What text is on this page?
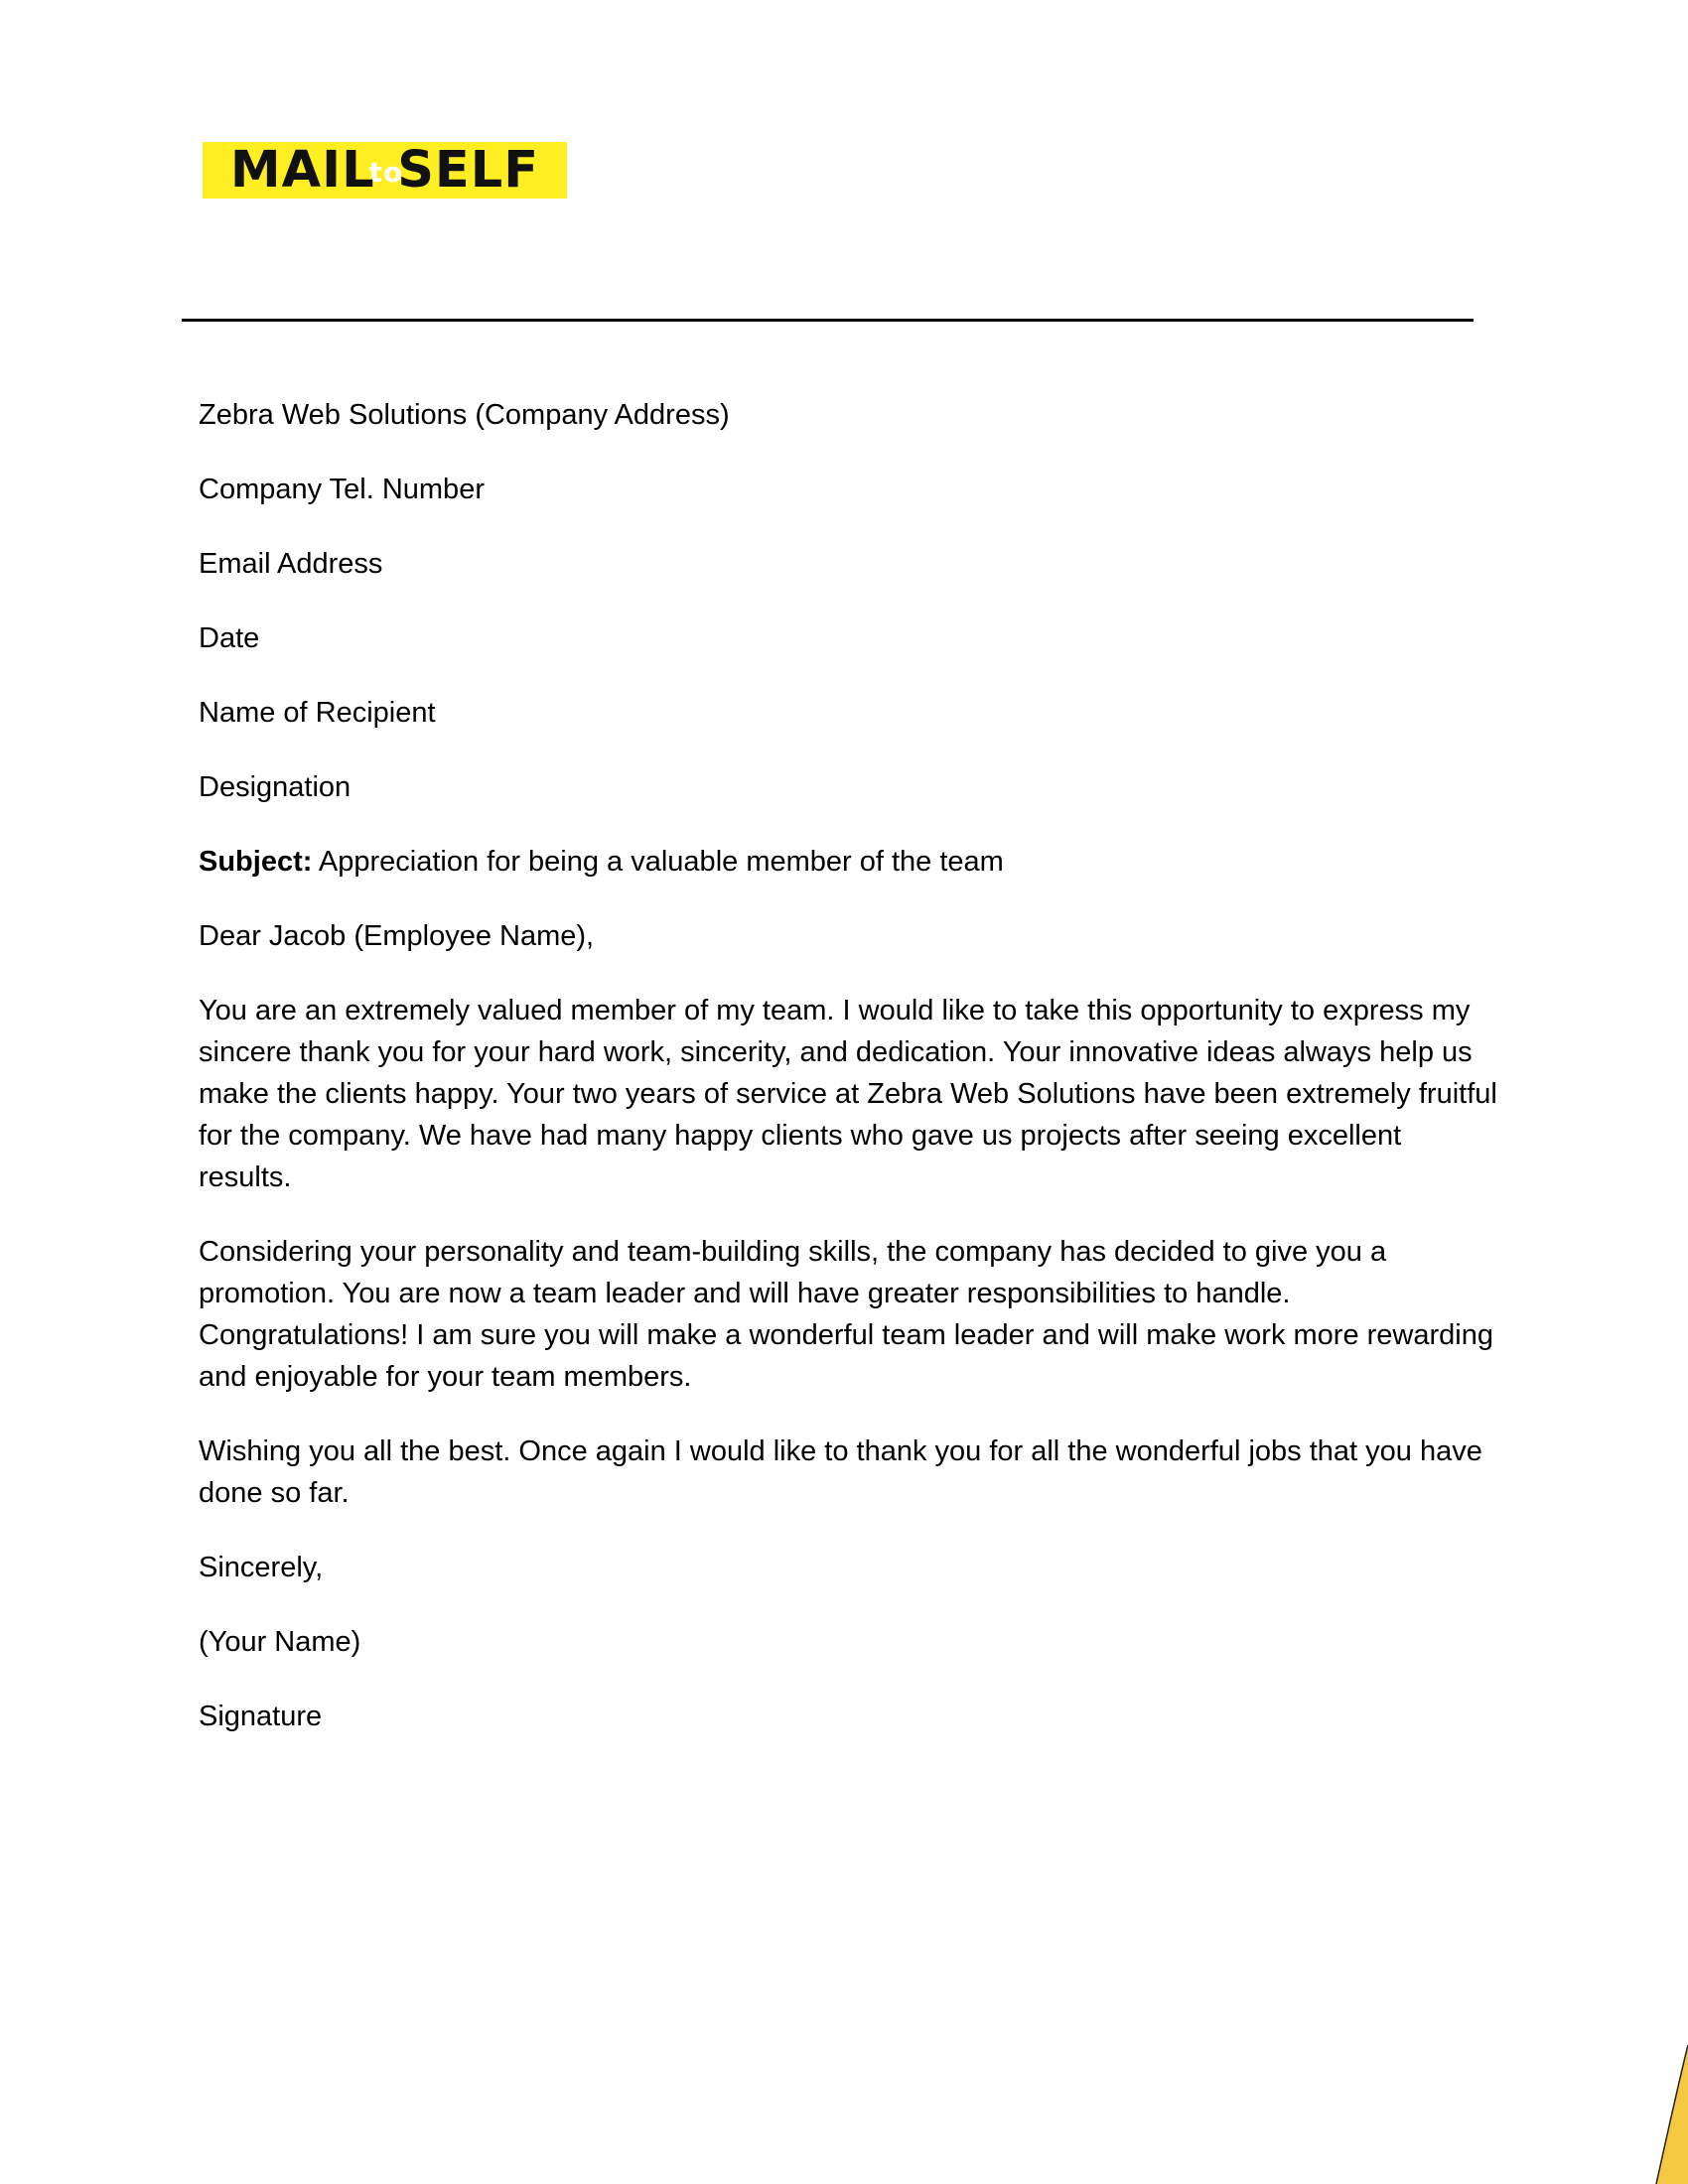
MAIL
to
SELF

Zebra Web Solutions (Company Address)

Company Tel. Number

Email Address

Date

Name of Recipient

Designation

Subject: Appreciation for being a valuable member of the team

Dear Jacob (Employee Name),

You are an extremely valued member of my team. I would like to take this opportunity to express my sincere thank you for your hard work, sincerity, and dedication. Your innovative ideas always help us make the clients happy. Your two years of service at Zebra Web Solutions have been extremely fruitful for the company. We have had many happy clients who gave us projects after seeing excellent results.

Considering your personality and team-building skills, the company has decided to give you a promotion. You are now a team leader and will have greater responsibilities to handle. Congratulations! I am sure you will make a wonderful team leader and will make work more rewarding and enjoyable for your team members.

Wishing you all the best. Once again I would like to thank you for all the wonderful jobs that you have done so far.

Sincerely,

(Your Name)

Signature
